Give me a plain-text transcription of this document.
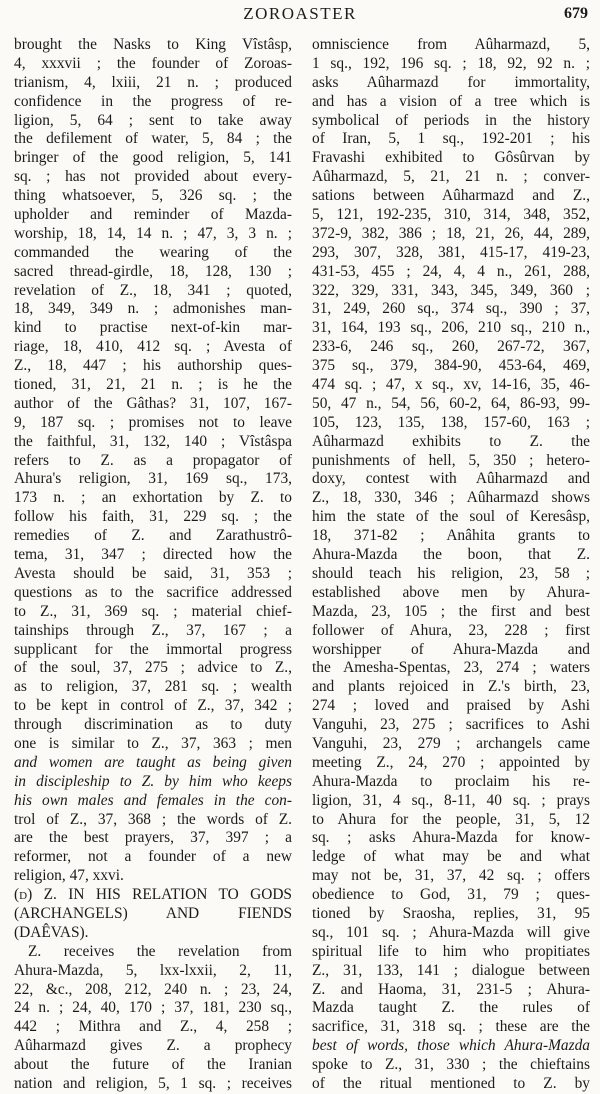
ZOROASTER	679
brought the Nasks to King Vîstâsp,
4, xxxvii ; the founder of Zoroas-
trianism, 4, lxiii, 21 n. ; produced
confidence in the progress of re-
ligion, 5, 64 ; sent to take away
the defilement of water, 5, 84 ; the
bringer of the good religion, 5, 141
sq. ; has not provided about every-
thing whatsoever, 5, 326 sq. ; the
upholder and reminder of Mazda-
worship, 18, 14, 14 n. ; 47, 3, 3 n. ;
commanded the wearing of the
sacred thread-girdle, 18, 128, 130 ;
revelation of Z., 18, 341 ; quoted,
18, 349, 349 n. ; admonishes man-
kind to practise next-of-kin mar-
riage, 18, 410, 412 sq. ; Avesta of
Z., 18, 447 ; his authorship ques-
tioned, 31, 21, 21 n. ; is he the
author of the Gâthas? 31, 107, 167-
9, 187 sq. ; promises not to leave
the faithful, 31, 132, 140 ; Vîstâspa
refers to Z. as a propagator of
Ahura's religion, 31, 169 sq., 173,
173 n. ; an exhortation by Z. to
follow his faith, 31, 229 sq. ; the
remedies of Z. and Zarathustrô-
tema, 31, 347 ; directed how the
Avesta should be said, 31, 353 ;
questions as to the sacrifice addressed
to Z., 31, 369 sq. ; material chief-
tainships through Z., 37, 167 ; a
supplicant for the immortal progress
of the soul, 37, 275 ; advice to Z.,
as to religion, 37, 281 sq. ; wealth
to be kept in control of Z., 37, 342 ;
through discrimination as to duty
one is similar to Z., 37, 363 ; men
and women are taught as being given
in discipleship to Z. by him who keeps
his own males and females in the con-
trol of Z., 37, 368 ; the words of Z.
are the best prayers, 37, 397 ; a
reformer, not a founder of a new
religion, 47, xxvi.
(d) Z. IN HIS RELATION TO GODS
(ARCHANGELS) AND FIENDS
(DAÊVAS).
Z. receives the revelation from
Ahura-Mazda, 5, lxx-lxxii, 2, 11,
22, &c., 208, 212, 240 n. ; 23, 24,
24 n. ; 24, 40, 170 ; 37, 181, 230 sq.,
442 ; Mithra and Z., 4, 258 ;
Aûharmazd gives Z. a prophecy
about the future of the Iranian
nation and religion, 5, 1 sq. ; receives
omniscience from Aûharmazd, 5,
1 sq., 192, 196 sq. ; 18, 92, 92 n. ;
asks Aûharmazd for immortality,
and has a vision of a tree which is
symbolical of periods in the history
of Iran, 5, 1 sq., 192-201 ; his
Fravashi exhibited to Gôsûrvan by
Aûharmazd, 5, 21, 21 n. ; conver-
sations between Aûharmazd and Z.,
5, 121, 192-235, 310, 314, 348, 352,
372-9, 382, 386 ; 18, 21, 26, 44, 289,
293, 307, 328, 381, 415-17, 419-23,
431-53, 455 ; 24, 4, 4 n., 261, 288,
322, 329, 331, 343, 345, 349, 360 ;
31, 249, 260 sq., 374 sq., 390 ; 37,
31, 164, 193 sq., 206, 210 sq., 210 n.,
233-6, 246 sq., 260, 267-72, 367,
375 sq., 379, 384-90, 453-64, 469,
474 sq. ; 47, x sq., xv, 14-16, 35, 46-
50, 47 n., 54, 56, 60-2, 64, 86-93, 99-
105, 123, 135, 138, 157-60, 163 ;
Aûharmazd exhibits to Z. the
punishments of hell, 5, 350 ; hetero-
doxy, contest with Aûharmazd and
Z., 18, 330, 346 ; Aûharmazd shows
him the state of the soul of Keresâsp,
18, 371-82 ; Anâhita grants to
Ahura-Mazda the boon, that Z.
should teach his religion, 23, 58 ;
established above men by Ahura-
Mazda, 23, 105 ; the first and best
follower of Ahura, 23, 228 ; first
worshipper of Ahura-Mazda and
the Amesha-Spentas, 23, 274 ; waters
and plants rejoiced in Z.'s birth, 23,
274 ; loved and praised by Ashi
Vanguhi, 23, 275 ; sacrifices to Ashi
Vanguhi, 23, 279 ; archangels came
meeting Z., 24, 270 ; appointed by
Ahura-Mazda to proclaim his re-
ligion, 31, 4 sq., 8-11, 40 sq. ; prays
to Ahura for the people, 31, 5, 12
sq. ; asks Ahura-Mazda for know-
ledge of what may be and what
may not be, 31, 37, 42 sq. ; offers
obedience to God, 31, 79 ; ques-
tioned by Sraosha, replies, 31, 95
sq., 101 sq. ; Ahura-Mazda will give
spiritual life to him who propitiates
Z., 31, 133, 141 ; dialogue between
Z. and Haoma, 31, 231-5 ; Ahura-
Mazda taught Z. the rules of
sacrifice, 31, 318 sq. ; these are the
best of words, those which Ahura-Mazda
spoke to Z., 31, 330 ; the chieftains
of the ritual mentioned to Z. by
